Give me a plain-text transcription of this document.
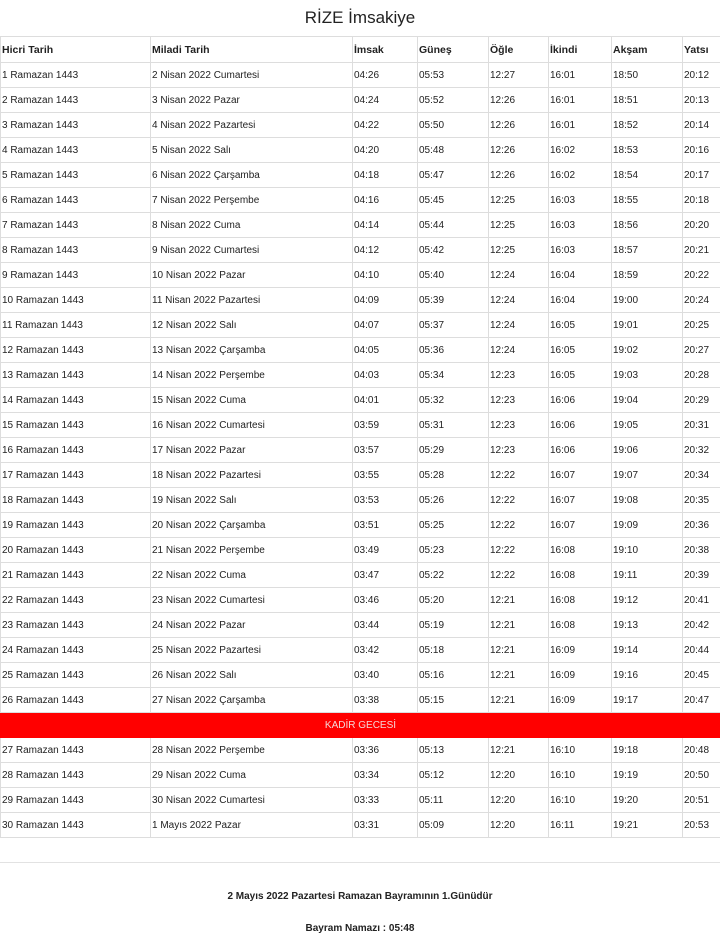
RİZE İmsakiye
Hicri Tarih	Miladi Tarih	İmsak	Güneş	Öğle	İkindi	Akşam	Yatsı
1 Ramazan 1443	2 Nisan 2022 Cumartesi	04:26	05:53	12:27	16:01	18:50	20:12
2 Ramazan 1443	3 Nisan 2022 Pazar	04:24	05:52	12:26	16:01	18:51	20:13
3 Ramazan 1443	4 Nisan 2022 Pazartesi	04:22	05:50	12:26	16:01	18:52	20:14
4 Ramazan 1443	5 Nisan 2022 Salı	04:20	05:48	12:26	16:02	18:53	20:16
5 Ramazan 1443	6 Nisan 2022 Çarşamba	04:18	05:47	12:26	16:02	18:54	20:17
6 Ramazan 1443	7 Nisan 2022 Perşembe	04:16	05:45	12:25	16:03	18:55	20:18
7 Ramazan 1443	8 Nisan 2022 Cuma	04:14	05:44	12:25	16:03	18:56	20:20
8 Ramazan 1443	9 Nisan 2022 Cumartesi	04:12	05:42	12:25	16:03	18:57	20:21
9 Ramazan 1443	10 Nisan 2022 Pazar	04:10	05:40	12:24	16:04	18:59	20:22
10 Ramazan 1443	11 Nisan 2022 Pazartesi	04:09	05:39	12:24	16:04	19:00	20:24
11 Ramazan 1443	12 Nisan 2022 Salı	04:07	05:37	12:24	16:05	19:01	20:25
12 Ramazan 1443	13 Nisan 2022 Çarşamba	04:05	05:36	12:24	16:05	19:02	20:27
13 Ramazan 1443	14 Nisan 2022 Perşembe	04:03	05:34	12:23	16:05	19:03	20:28
14 Ramazan 1443	15 Nisan 2022 Cuma	04:01	05:32	12:23	16:06	19:04	20:29
15 Ramazan 1443	16 Nisan 2022 Cumartesi	03:59	05:31	12:23	16:06	19:05	20:31
16 Ramazan 1443	17 Nisan 2022 Pazar	03:57	05:29	12:23	16:06	19:06	20:32
17 Ramazan 1443	18 Nisan 2022 Pazartesi	03:55	05:28	12:22	16:07	19:07	20:34
18 Ramazan 1443	19 Nisan 2022 Salı	03:53	05:26	12:22	16:07	19:08	20:35
19 Ramazan 1443	20 Nisan 2022 Çarşamba	03:51	05:25	12:22	16:07	19:09	20:36
20 Ramazan 1443	21 Nisan 2022 Perşembe	03:49	05:23	12:22	16:08	19:10	20:38
21 Ramazan 1443	22 Nisan 2022 Cuma	03:47	05:22	12:22	16:08	19:11	20:39
22 Ramazan 1443	23 Nisan 2022 Cumartesi	03:46	05:20	12:21	16:08	19:12	20:41
23 Ramazan 1443	24 Nisan 2022 Pazar	03:44	05:19	12:21	16:08	19:13	20:42
24 Ramazan 1443	25 Nisan 2022 Pazartesi	03:42	05:18	12:21	16:09	19:14	20:44
25 Ramazan 1443	26 Nisan 2022 Salı	03:40	05:16	12:21	16:09	19:16	20:45
26 Ramazan 1443	27 Nisan 2022 Çarşamba	03:38	05:15	12:21	16:09	19:17	20:47
KADİR GECESİ							
27 Ramazan 1443	28 Nisan 2022 Perşembe	03:36	05:13	12:21	16:10	19:18	20:48
28 Ramazan 1443	29 Nisan 2022 Cuma	03:34	05:12	12:20	16:10	19:19	20:50
29 Ramazan 1443	30 Nisan 2022 Cumartesi	03:33	05:11	12:20	16:10	19:20	20:51
30 Ramazan 1443	1 Mayıs 2022 Pazar	03:31	05:09	12:20	16:11	19:21	20:53
2 Mayıs 2022 Pazartesi Ramazan Bayramının 1.Günüdür
Bayram Namazı : 05:48
